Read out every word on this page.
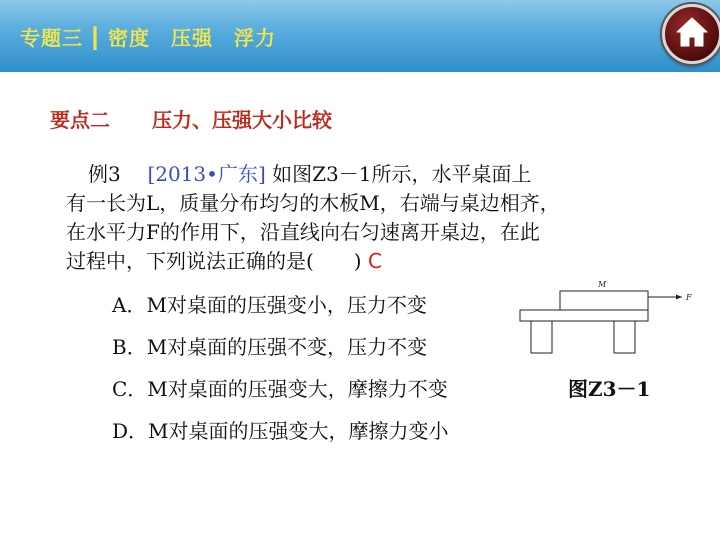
专题三 ┃ 密度　压强　浮力
要点二 压力、压强大小比较
例3 [2013•广东] 如图Z3－1所示，水平桌面上
有一长为L，质量分布均匀的木板M，右端与桌边相齐，
在水平力F的作用下，沿直线向右匀速离开桌边，在此
过程中，下列说法正确的是(　　) C
A．M对桌面的压强变小，压力不变
B．M对桌面的压强不变，压力不变
C．M对桌面的压强变大，摩擦力不变
D．M对桌面的压强变大，摩擦力变小
M
F
图Z3－1
